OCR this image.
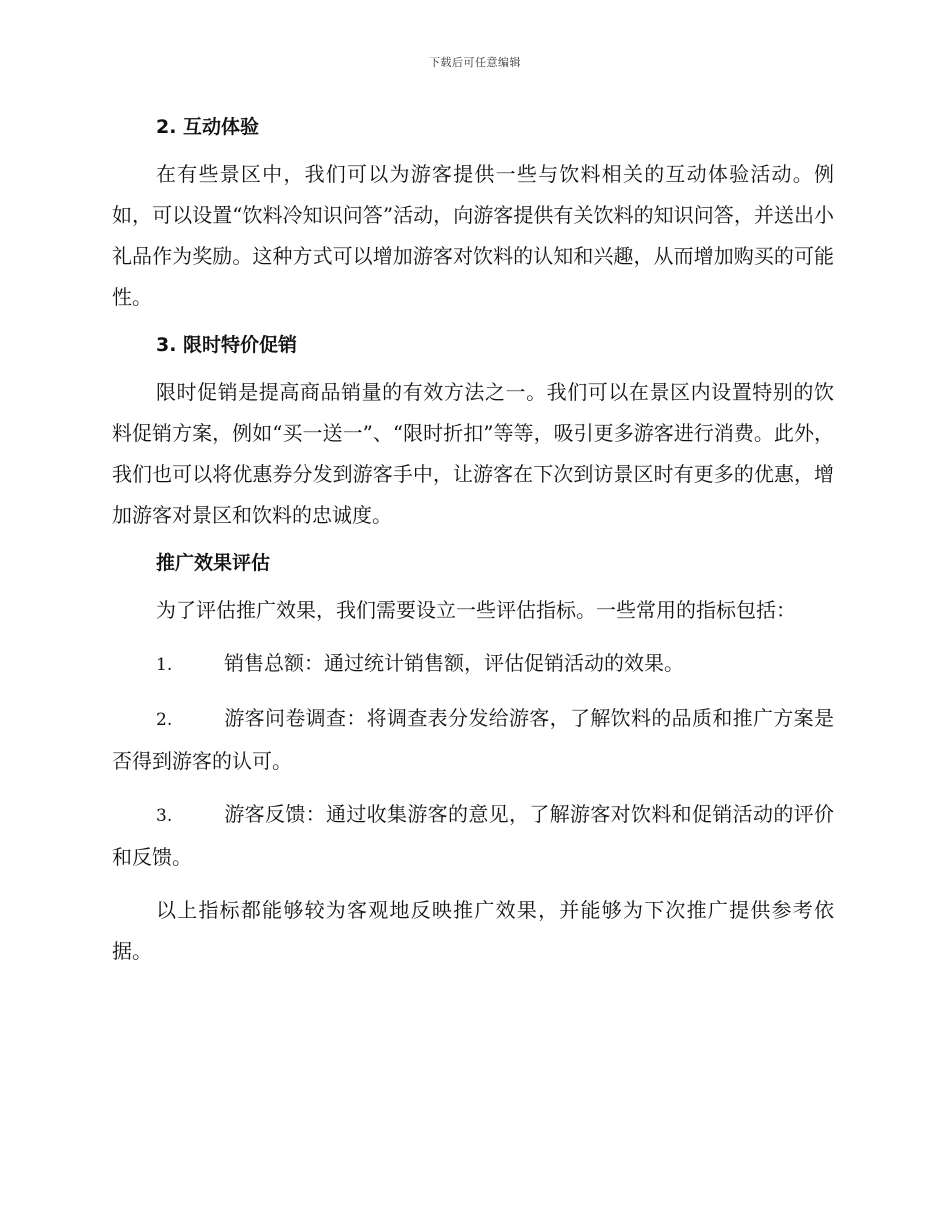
下载后可任意编辑
2. 互动体验

在有些景区中，我们可以为游客提供一些与饮料相关的互动体验活动。例如，可以设置“饮料冷知识问答”活动，向游客提供有关饮料的知识问答，并送出小礼品作为奖励。这种方式可以增加游客对饮料的认知和兴趣，从而增加购买的可能性。

3. 限时特价促销

限时促销是提高商品销量的有效方法之一。我们可以在景区内设置特别的饮料促销方案，例如“买一送一”、“限时折扣”等等，吸引更多游客进行消费。此外，我们也可以将优惠券分发到游客手中，让游客在下次到访景区时有更多的优惠，增加游客对景区和饮料的忠诚度。

推广效果评估

为了评估推广效果，我们需要设立一些评估指标。一些常用的指标包括：

1.	销售总额：通过统计销售额，评估促销活动的效果。

2.	游客问卷调查：将调查表分发给游客，了解饮料的品质和推广方案是否得到游客的认可。

3.	游客反馈：通过收集游客的意见，了解游客对饮料和促销活动的评价和反馈。

以上指标都能够较为客观地反映推广效果，并能够为下次推广提供参考依据。
